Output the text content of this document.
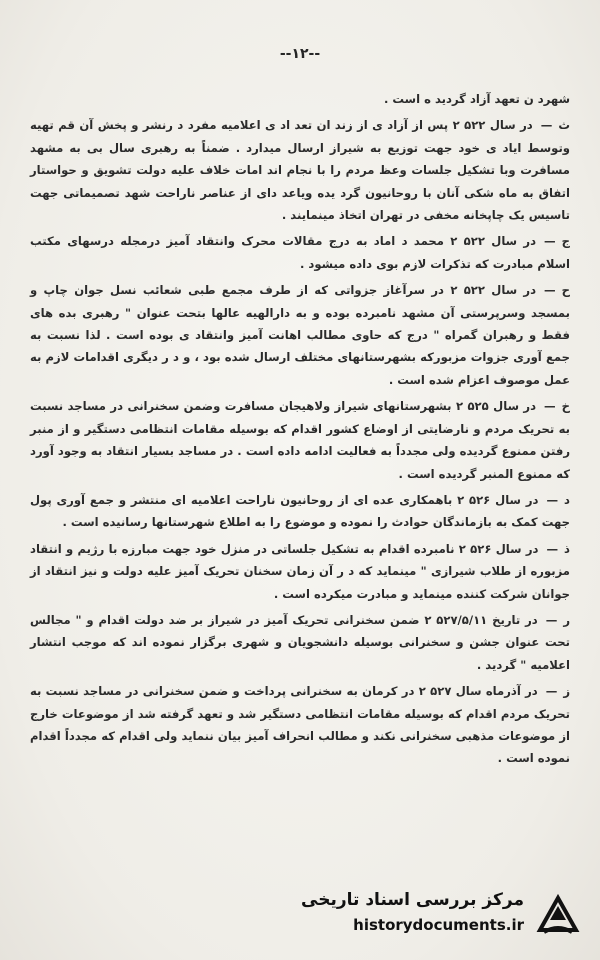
--۱۲--

شهرد ن تعهد آزاد گردید ه است .

ث—در سال ۵۲۲ ۲ پس از آزاد ی از زند ان تعد اد ی اعلامیه مفرد د رنشر و پخش آن قم تهیه وتوسط ایاد ی خود جهت توزیع به شیراز ارسال میدارد . ضمناً به رهبری سال بی به مشهد مسافرت وبا تشکیل جلسات وعظ مردم را با نجام اند امات خلاف علیه دولت تشویق و حواستار اتفاق به ماه شکی آنان با روحانیون گرد یده ویاعد دای از عناصر ناراحت شهد تصمیماتی جهت تاسیس یک چاپخانه مخفی در تهران اتخاذ مینمایند .

ج—در سال ۵۲۲ ۲ محمد د اماد به درج مقالات محرک وانتقاد آمیز درمجله درسهای مکتب اسلام مبادرت که تذکرات لازم بوی داده میشود .

ح—در سال ۵۲۲ ۲ در سرآغاز جزواتی که از طرف مجمع طبی شعائب نسل جوان چاپ و بمسجد وسرپرستی آن مشهد نامبرده بوده و به دارالهیه عالها بتحت عنوان " رهبری بده های فقط و رهبران گمراه " درج که حاوی مطالب اهانت آمیز وانتقاد ی بوده است . لذا نسبت به جمع آوری جزوات مزبورکه بشهرستانهای مختلف ارسال شده بود ، و د ر دیگری اقدامات لازم به عمل موصوف اعزام شده است .

خ—در سال ۵۲۵ ۲ بشهرستانهای شیراز ولاهیجان مسافرت وضمن سخنرانی در مساجد نسبت به تحریک مردم و نارضایتی از اوضاع کشور اقدام که بوسیله مقامات انتظامی دستگیر و از منبر رفتن ممنوع گردیده ولی مجدداً به فعالیت ادامه داده است . در مساجد بسیار انتقاد به وجود آورد که ممنوع المنبر گردیده است .

د—در سال ۵۲۶ ۲ باهمکاری عده ای از روحانیون ناراحت اعلامیه ای منتشر و جمع آوری پول جهت کمک به بازماندگان حوادث را نموده و موضوع را به اطلاع شهرستانها رسانیده است .

ذ—در سال ۵۲۶ ۲ نامبرده اقدام به تشکیل جلساتی در منزل خود جهت مبارزه با رژیم و انتقاد مزبوره از طلاب شیرازی " مینماید که د ر آن زمان سخنان تحریک آمیز علیه دولت و نیز انتقاد از جوانان شرکت کننده مینماید و مبادرت میکرده است .

ر—در تاریخ ۵۲۷/۵/۱۱ ۲ ضمن سخنرانی تحریک آمیز در شیراز بر ضد دولت اقدام و " مجالس تحت عنوان جشن و سخنرانی بوسیله دانشجویان و شهری برگزار نموده اند که موجب انتشار اعلامیه " گردید .

ز—در آذرماه سال ۵۲۷ ۲ در کرمان به سخنرانی پرداخت و ضمن سخنرانی در مساجد نسبت به تحریک مردم اقدام که بوسیله مقامات انتظامی دستگیر شد و تعهد گرفته شد از موضوعات خارج از موضوعات مذهبی سخنرانی نکند و مطالب انحراف آمیز بیان ننماید ولی اقدام که مجدداً اقدام نموده است .

مرکز بررسی اسناد تاریخی
historydocuments.ir
